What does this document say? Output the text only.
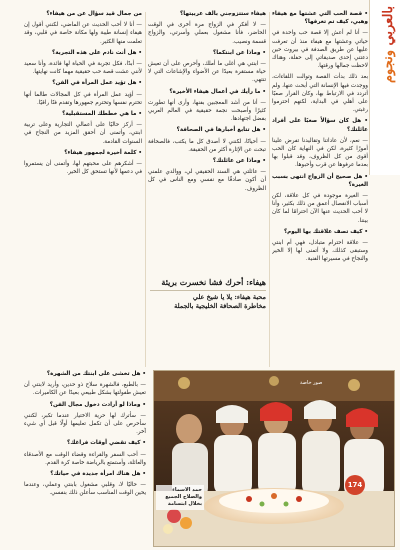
بالعربي ونجوم

• قصة الحب التي عشتها مع هيفاء وهبي، كيف تم تعرفها؟

— أنا لم أعش إلا قصة حب واحدة في حياتي وعشتها مع هيفاء منذ أن تعرفت عليها عن طريق الصدفة في بيروت حين دعتني إحدى صديقاتي إلى حفلة، وهناك لاحظت جمالها ورقتها.

بعد ذلك بدأت القصة وتوالت اللقاءات، ووجدت فيها الإنسانة التي أبحث عنها، ولم أتردد في الارتباط بها، وكان القرار صعبًا على أهلي في البداية، لكنهم احترموا رغبتي.

• هل كان سؤالاً صعبًا على أفراد عائلتك؟

— نعم، لأن عاداتنا وتقاليدنا تفرض علينا أمورًا كثيرة، لكن في النهاية كان الحب أقوى من كل الظروف، وقد قبلوا بها بعدما عرفوها عن قرب وأحبوها.

• هل صحيح أن الزواج انتهى بسبب الغيرة؟

— الغيرة موجودة في كل علاقة، لكن أسباب الانفصال أعمق من ذلك بكثير، وأنا لا أحب الحديث عنها الآن احترامًا لما كان بيننا.

• كيف تصف علاقتك بها اليوم؟

— علاقة احترام متبادل، فهي أم ابنتي وستبقى كذلك، ولا أتمنى لها إلا الخير والنجاح في مسيرتها الفنية.

هيفاء ستتزوجني بالف عربيتها؟

— لا أفكر في الزواج مرة أخرى في الوقت الحاضر، فأنا مشغول بعملي وأسرتي، والزواج قسمة ونصيب.

• وماذا عن ابنتكما؟

— ابنتي هي أغلى ما أملك، وأحرص على أن تعيش حياة مستقرة بعيدًا عن الأضواء والإشاعات التي لا تنتهي.

• ما رأيك في أعمال هيفاء الأخيرة؟

— أنا من أشد المعجبين بفنها، وأرى أنها تطورت كثيرًا وأصبحت نجمة حقيقية في العالم العربي بفضل اجتهادها.

• هل تتابع أخبارها في الصحافة؟

— أحيانًا، لكنني لا أصدق كل ما يكتب، فالصحافة تبحث عن الإثارة أكثر من الحقيقة.

• وماذا عن عائلتك؟

— عائلتي هي السند الحقيقي لي، ووالدي علمني أن أكون صادقًا مع نفسي ومع الناس في كل الظروف.

من جمال قيد سؤال عن من هيفاء؟

— أنا لا أحب الحديث عن الماضي، لكنني أقول إن هيفاء إنسانة طيبة ولها مكانة خاصة في قلبي، وقد تعلمت منها الكثير.

• هل أنت نادم على هذه التجربة؟

— أبدًا، فكل تجربة في الحياة لها فائدة، وأنا سعيد لأنني عشت قصة حب حقيقية مهما كانت نهايتها.

• هل تؤيد عمل المرأة في الفن؟

— أؤيد عمل المرأة في كل المجالات طالما أنها تحترم نفسها وتحترم جمهورها وتقدم فنًا راقيًا.

• ما هي خططك المستقبلية؟

— أركز حاليًا على أعمالي التجارية وعلى تربية ابنتي، وأتمنى أن أحقق المزيد من النجاح في السنوات القادمة.

• كلمة أخيرة لجمهور هيفاء؟

— أشكرهم على محبتهم لها، وأتمنى أن يستمروا في دعمها لأنها تستحق كل الخير.

هيفاء: أحرك فشا نخسرت بريئة
محبة هيفاء: يلا يا شيخ علي
مخاطرة الصحافة الخليجية بالجملة

• هل تخشى على ابنتك من الشهرة؟

— بالطبع، فالشهرة سلاح ذو حدين، وأريد لابنتي أن تعيش طفولتها بشكل طبيعي بعيدًا عن الكاميرات.

• وماذا لو أرادت دخول مجال الفن؟

— سأترك لها حرية الاختيار عندما تكبر، لكنني سأحرص على أن تكمل تعليمها أولًا قبل أي شيء آخر.

• كيف تقضي أوقات فراغك؟

— أحب السفر والقراءة وقضاء الوقت مع الأصدقاء والعائلة، وأستمتع بالرياضة خاصة كرة القدم.

• هل هناك امرأة جديدة في حياتك؟

— حاليًا لا، وقلبي مشغول بابنتي وعملي، وعندما يحين الوقت المناسب سأعلن ذلك بنفسي.

صور خاصة
حمد الاسماء والصلاح الجميع بخلال ابتسامة
174
